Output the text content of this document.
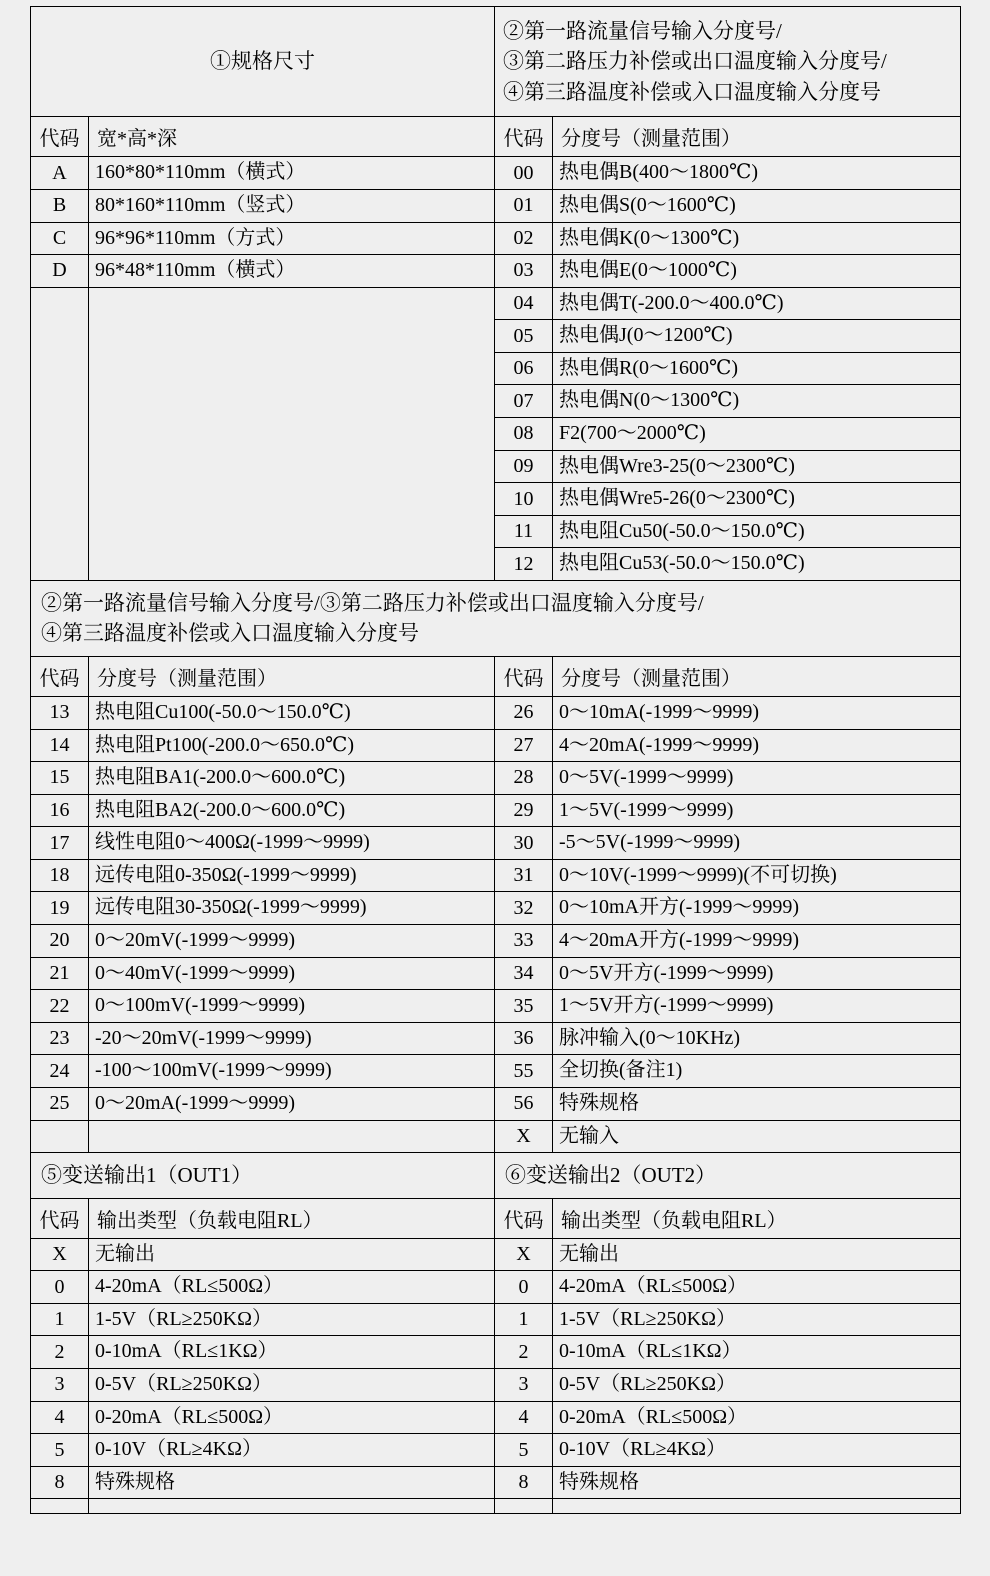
①规格尺寸		②第一路流量信号输入分度号/
③第二路压力补偿或出口温度输入分度号/
④第三路温度补偿或入口温度输入分度号	

代码	宽*高*深	代码	分度号（测量范围）

A	160*80*110mm（横式）	00	热电偶B(400～1800℃)

B	80*160*110mm（竖式）	01	热电偶S(0～1600℃)

C	96*96*110mm（方式）	02	热电偶K(0～1300℃)

D	96*48*110mm（横式）	03	热电偶E(0～1000℃)

		04	热电偶T(-200.0～400.0℃)

		05	热电偶J(0～1200℃)

		06	热电偶R(0～1600℃)

		07	热电偶N(0～1300℃)

		08	F2(700～2000℃)

		09	热电偶Wre3-25(0～2300℃)

		10	热电偶Wre5-26(0～2300℃)

		11	热电阻Cu50(-50.0～150.0℃)

		12	热电阻Cu53(-50.0～150.0℃)

②第一路流量信号输入分度号/③第二路压力补偿或出口温度输入分度号/
④第三路温度补偿或入口温度输入分度号			

代码	分度号（测量范围）	代码	分度号（测量范围）

13	热电阻Cu100(-50.0～150.0℃)	26	0～10mA(-1999～9999)

14	热电阻Pt100(-200.0～650.0℃)	27	4～20mA(-1999～9999)

15	热电阻BA1(-200.0～600.0℃)	28	0～5V(-1999～9999)

16	热电阻BA2(-200.0～600.0℃)	29	1～5V(-1999～9999)

17	线性电阻0～400Ω(-1999～9999)	30	-5～5V(-1999～9999)

18	远传电阻0-350Ω(-1999～9999)	31	0～10V(-1999～9999)(不可切换)

19	远传电阻30-350Ω(-1999～9999)	32	0～10mA开方(-1999～9999)

20	0～20mV(-1999～9999)	33	4～20mA开方(-1999～9999)

21	0～40mV(-1999～9999)	34	0～5V开方(-1999～9999)

22	0～100mV(-1999～9999)	35	1～5V开方(-1999～9999)

23	-20～20mV(-1999～9999)	36	脉冲输入(0～10KHz)

24	-100～100mV(-1999～9999)	55	全切换(备注1)

25	0～20mA(-1999～9999)	56	特殊规格

		X	无输入

⑤变送输出1（OUT1）		⑥变送输出2（OUT2）	

代码	输出类型（负载电阻RL）	代码	输出类型（负载电阻RL）

X	无输出	X	无输出

0	4-20mA（RL≤500Ω）	0	4-20mA（RL≤500Ω）

1	1-5V（RL≥250KΩ）	1	1-5V（RL≥250KΩ）

2	0-10mA（RL≤1KΩ）	2	0-10mA（RL≤1KΩ）

3	0-5V（RL≥250KΩ）	3	0-5V（RL≥250KΩ）

4	0-20mA（RL≤500Ω）	4	0-20mA（RL≤500Ω）

5	0-10V（RL≥4KΩ）	5	0-10V（RL≥4KΩ）

8	特殊规格	8	特殊规格
